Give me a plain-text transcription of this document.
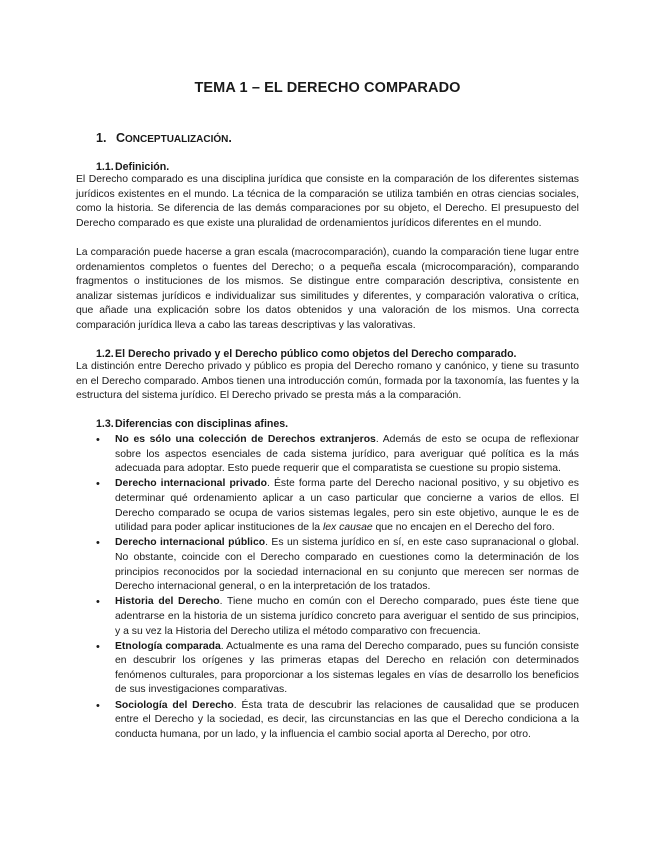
TEMA 1 – EL DERECHO COMPARADO
1. CONCEPTUALIZACIÓN.
1.1.Definición.
El Derecho comparado es una disciplina jurídica que consiste en la comparación de los diferentes sistemas jurídicos existentes en el mundo. La técnica de la comparación se utiliza también en otras ciencias sociales, como la historia. Se diferencia de las demás comparaciones por su objeto, el Derecho. El presupuesto del Derecho comparado es que existe una pluralidad de ordenamientos jurídicos diferentes en el mundo.
La comparación puede hacerse a gran escala (macrocomparación), cuando la comparación tiene lugar entre ordenamientos completos o fuentes del Derecho; o a pequeña escala (microcomparación), comparando fragmentos o instituciones de los mismos. Se distingue entre comparación descriptiva, consistente en analizar sistemas jurídicos e individualizar sus similitudes y diferentes, y comparación valorativa o crítica, que añade una explicación sobre los datos obtenidos y una valoración de los mismos. Una correcta comparación jurídica lleva a cabo las tareas descriptivas y las valorativas.
1.2.El Derecho privado y el Derecho público como objetos del Derecho comparado.
La distinción entre Derecho privado y público es propia del Derecho romano y canónico, y tiene su trasunto en el Derecho comparado. Ambos tienen una introducción común, formada por la taxonomía, las fuentes y la estructura del sistema jurídico. El Derecho privado se presta más a la comparación.
1.3.Diferencias con disciplinas afines.
• No es sólo una colección de Derechos extranjeros. Además de esto se ocupa de reflexionar sobre los aspectos esenciales de cada sistema jurídico, para averiguar qué política es la más adecuada para adoptar. Esto puede requerir que el comparatista se cuestione su propio sistema.
• Derecho internacional privado. Éste forma parte del Derecho nacional positivo, y su objetivo es determinar qué ordenamiento aplicar a un caso particular que concierne a varios de ellos. El Derecho comparado se ocupa de varios sistemas legales, pero sin este objetivo, aunque le es de utilidad para poder aplicar instituciones de la lex causae que no encajen en el Derecho del foro.
• Derecho internacional público. Es un sistema jurídico en sí, en este caso supranacional o global. No obstante, coincide con el Derecho comparado en cuestiones como la determinación de los principios reconocidos por la sociedad internacional en su conjunto que merecen ser normas de Derecho internacional general, o en la interpretación de los tratados.
• Historia del Derecho. Tiene mucho en común con el Derecho comparado, pues éste tiene que adentrarse en la historia de un sistema jurídico concreto para averiguar el sentido de sus principios, y a su vez la Historia del Derecho utiliza el método comparativo con frecuencia.
• Etnología comparada. Actualmente es una rama del Derecho comparado, pues su función consiste en descubrir los orígenes y las primeras etapas del Derecho en relación con determinados fenómenos culturales, para proporcionar a los sistemas legales en vías de desarrollo los beneficios de sus investigaciones comparativas.
• Sociología del Derecho. Ésta trata de descubrir las relaciones de causalidad que se producen entre el Derecho y la sociedad, es decir, las circunstancias en las que el Derecho condiciona a la conducta humana, por un lado, y la influencia el cambio social aporta al Derecho, por otro.
